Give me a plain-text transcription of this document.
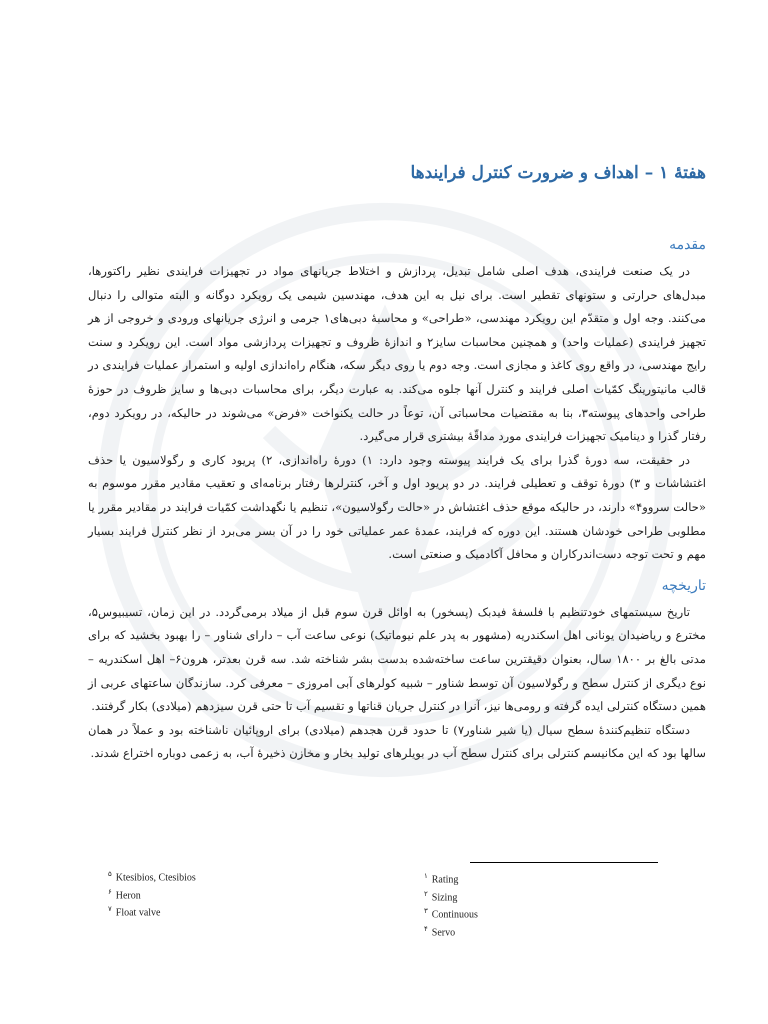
هفتهٔ ۱ – اهداف و ضرورت کنترل فرایندها
مقدمه

در یک صنعت فرایندی، هدف اصلی شامل تبدیل، پردازش و اختلاط جریانهای مواد در تجهیزات فرایندی نظیر راکتورها، مبدل‌های حرارتی و ستونهای تقطیر است. برای نیل به این هدف، مهندسین شیمی یک رویکرد دوگانه و البته متوالی را دنبال می‌کنند. وجه اول و متقدّم این رویکرد مهندسی، «طراحی» و محاسبهٔ دبی‌های۱ جرمی و انرژی جریانهای ورودی و خروجی از هر تجهیز فرایندی (عملیات واحد) و همچنین محاسبات سایز۲ و اندازهٔ ظروف و تجهیزات پردازشی مواد است. این رویکرد و سنت رایج مهندسی، در واقع روی کاغذ و مجازی است. وجه دوم یا روی دیگر سکه، هنگام راه‌اندازی اولیه و استمرار عملیات فرایندی در قالب مانیتورینگ کمّیات اصلی فرایند و کنترل آنها جلوه می‌کند. به عبارت دیگر، برای محاسبات دبی‌ها و سایز ظروف در حوزهٔ طراحی واحدهای پیوسته۳، بنا به مقتضیات محاسباتی آن، توعاً در حالت یکنواخت «فرض» می‌شوند در حالیکه، در رویکرد دوم، رفتار گذرا و دینامیک تجهیزات فرایندی مورد مداقّهٔ بیشتری قرار می‌گیرد.

در حقیقت، سه دورهٔ گذرا برای یک فرایند پیوسته وجود دارد: ۱) دورهٔ راه‌اندازی، ۲) پریود کاری و رگولاسیون یا حذف اغتشاشات و ۳) دورهٔ توقف و تعطیلی فرایند. در دو پریود اول و آخر، کنترلرها رفتار برنامه‌ای و تعقیب مقادیر مقرر موسوم به «حالت سروو۴» دارند، در حالیکه موقع حذف اغتشاش در «حالت رگولاسیون»، تنظیم یا نگهداشت کمّیات فرایند در مقادیر مقرر یا مطلوبی طراحی خودشان هستند. این دوره که فرایند، عمدهٔ عمر عملیاتی خود را در آن بسر می‌برد از نظر کنترل فرایند بسیار مهم و تحت توجه دست‌اندرکاران و محافل آکادمیک و صنعتی است.

تاریخچه

تاریخ سیستمهای خودتنظیم با فلسفهٔ فیدبک (پسخور) به اوائل قرن سوم قبل از میلاد برمی‌گردد. در این زمان، تسیبیوس۵، مخترع و ریاضیدان یونانی اهل اسکندریه (مشهور به پدر علم نیوماتیک) نوعی ساعت آب – دارای شناور – را بهبود بخشید که برای مدتی بالغ بر ۱۸۰۰ سال، بعنوان دقیقترین ساعت ساخته‌شده بدست بشر شناخته شد. سه قرن بعدتر، هرون۶– اهل اسکندریه – نوع دیگری از کنترل سطح و رگولاسیون آن توسط شناور – شبیه کولرهای آبی امروزی – معرفی کرد. سازندگان ساعتهای عربی از همین دستگاه کنترلی ایده گرفته و رومی‌ها نیز، آنرا در کنترل جریان قناتها و تقسیم آب تا حتی قرن سیزدهم (میلادی) بکار گرفتند.

دستگاه تنظیم‌کنندهٔ سطح سیال (یا شیر شناور۷) تا حدود قرن هجدهم (میلادی) برای اروپائیان ناشناخته بود و عملاً در همان سالها بود که این مکانیسم کنترلی برای کنترل سطح آب در بویلرهای تولید بخار و مخازن ذخیرهٔ آب، به زعمی دوباره اختراع شدند.

$^۵$ Ktesibios, Ctesibios
$^۶$ Heron
$^۷$ Float valve
$^۱$ Rating
$^۲$ Sizing
$^۳$ Continuous
$^۴$ Servo
